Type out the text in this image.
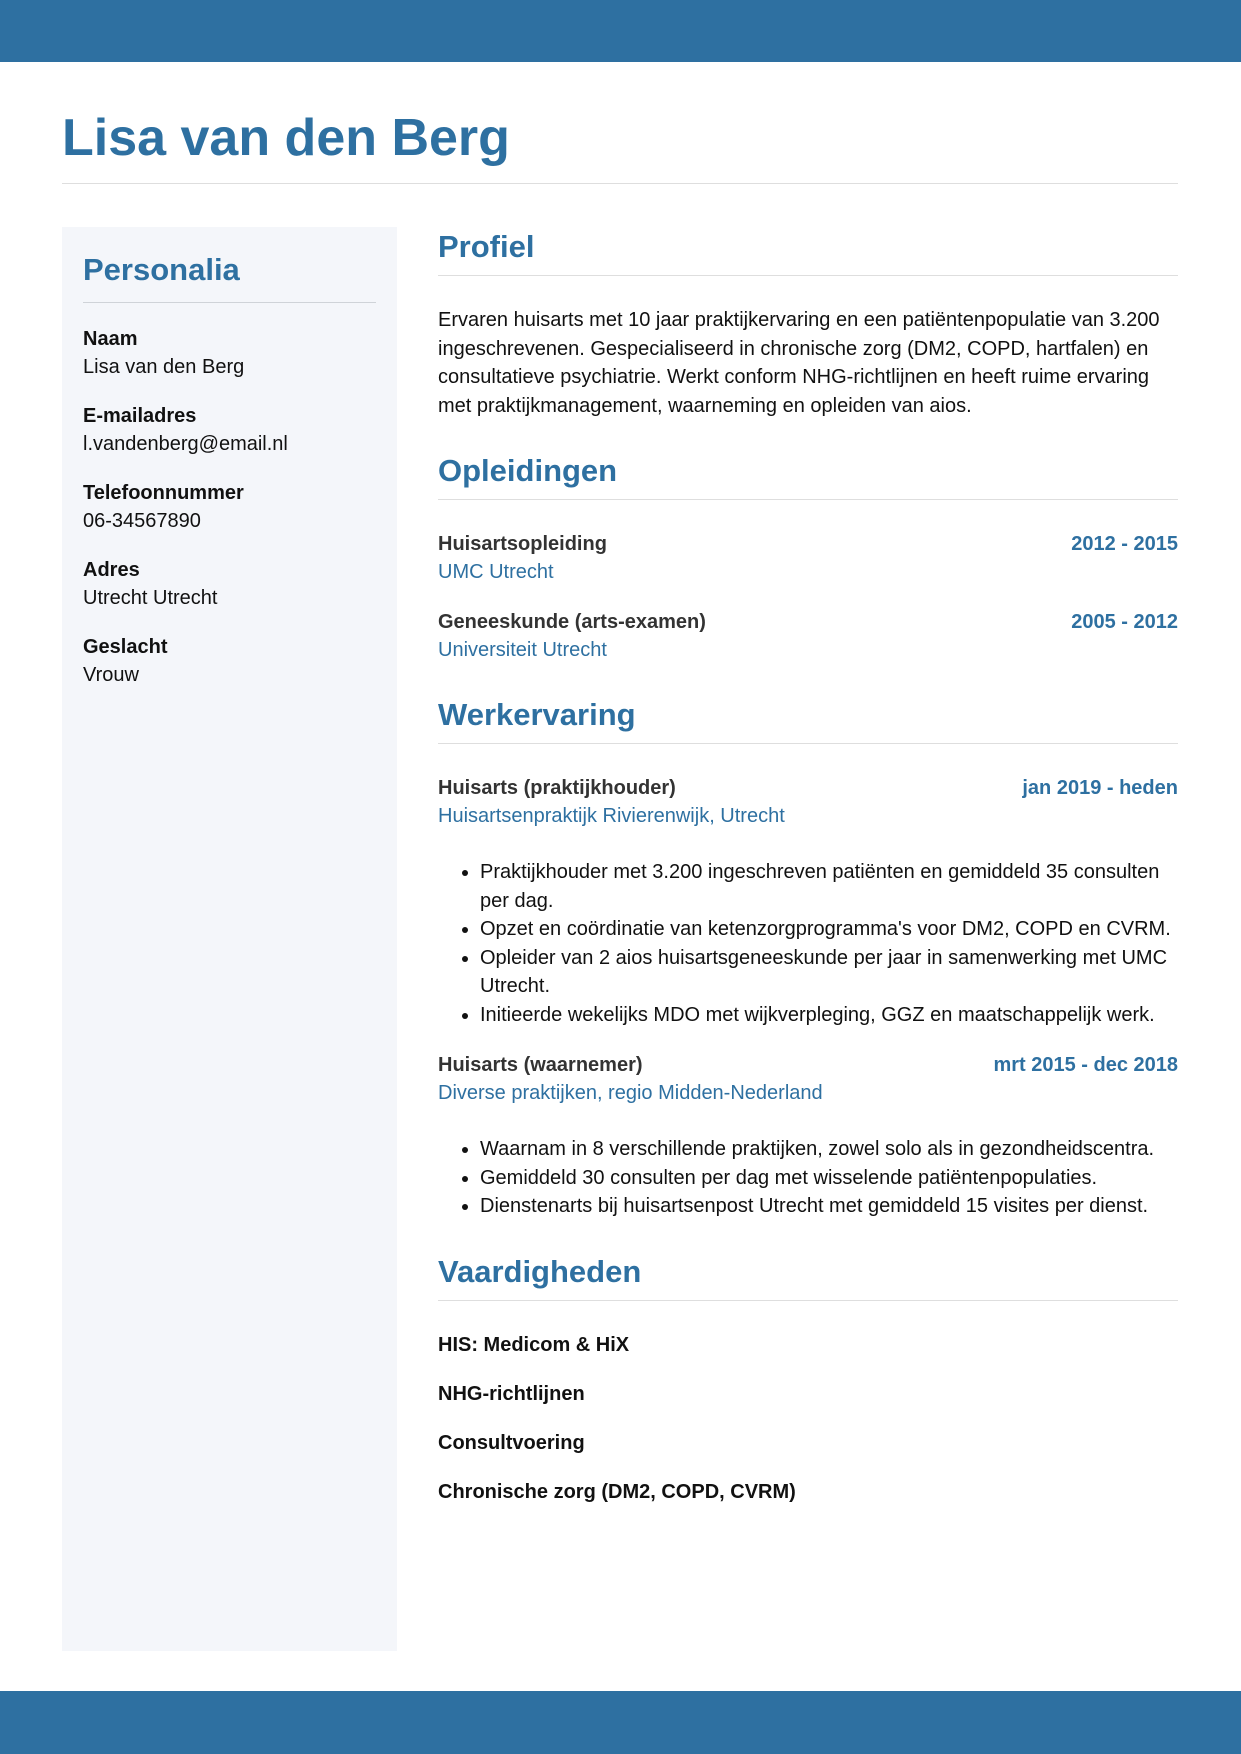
Lisa van den Berg
Personalia
Naam
Lisa van den Berg
E-mailadres
l.vandenberg@email.nl
Telefoonnummer
06-34567890
Adres
Utrecht Utrecht
Geslacht
Vrouw
Profiel

Ervaren huisarts met 10 jaar praktijkervaring en een patiëntenpopulatie van 3.200 ingeschrevenen. Gespecialiseerd in chronische zorg (DM2, COPD, hartfalen) en consultatieve psychiatrie. Werkt conform NHG-richtlijnen en heeft ruime ervaring met praktijkmanagement, waarneming en opleiden van aios.

Opleidingen
Huisartsopleiding	2012 - 2015
UMC Utrecht
Geneeskunde (arts-examen)	2005 - 2012
Universiteit Utrecht
Werkervaring
Huisarts (praktijkhouder)	jan 2019 - heden
Huisartsenpraktijk Rivierenwijk, Utrecht
• Praktijkhouder met 3.200 ingeschreven patiënten en gemiddeld 35 consulten per dag.
• Opzet en coördinatie van ketenzorgprogramma's voor DM2, COPD en CVRM.
• Opleider van 2 aios huisartsgeneeskunde per jaar in samenwerking met UMC Utrecht.
• Initieerde wekelijks MDO met wijkverpleging, GGZ en maatschappelijk werk.
Huisarts (waarnemer)	mrt 2015 - dec 2018
Diverse praktijken, regio Midden-Nederland
• Waarnam in 8 verschillende praktijken, zowel solo als in gezondheidscentra.
• Gemiddeld 30 consulten per dag met wisselende patiëntenpopulaties.
• Dienstenarts bij huisartsenpost Utrecht met gemiddeld 15 visites per dienst.
Vaardigheden
HIS: Medicom & HiX
NHG-richtlijnen
Consultvoering
Chronische zorg (DM2, COPD, CVRM)
